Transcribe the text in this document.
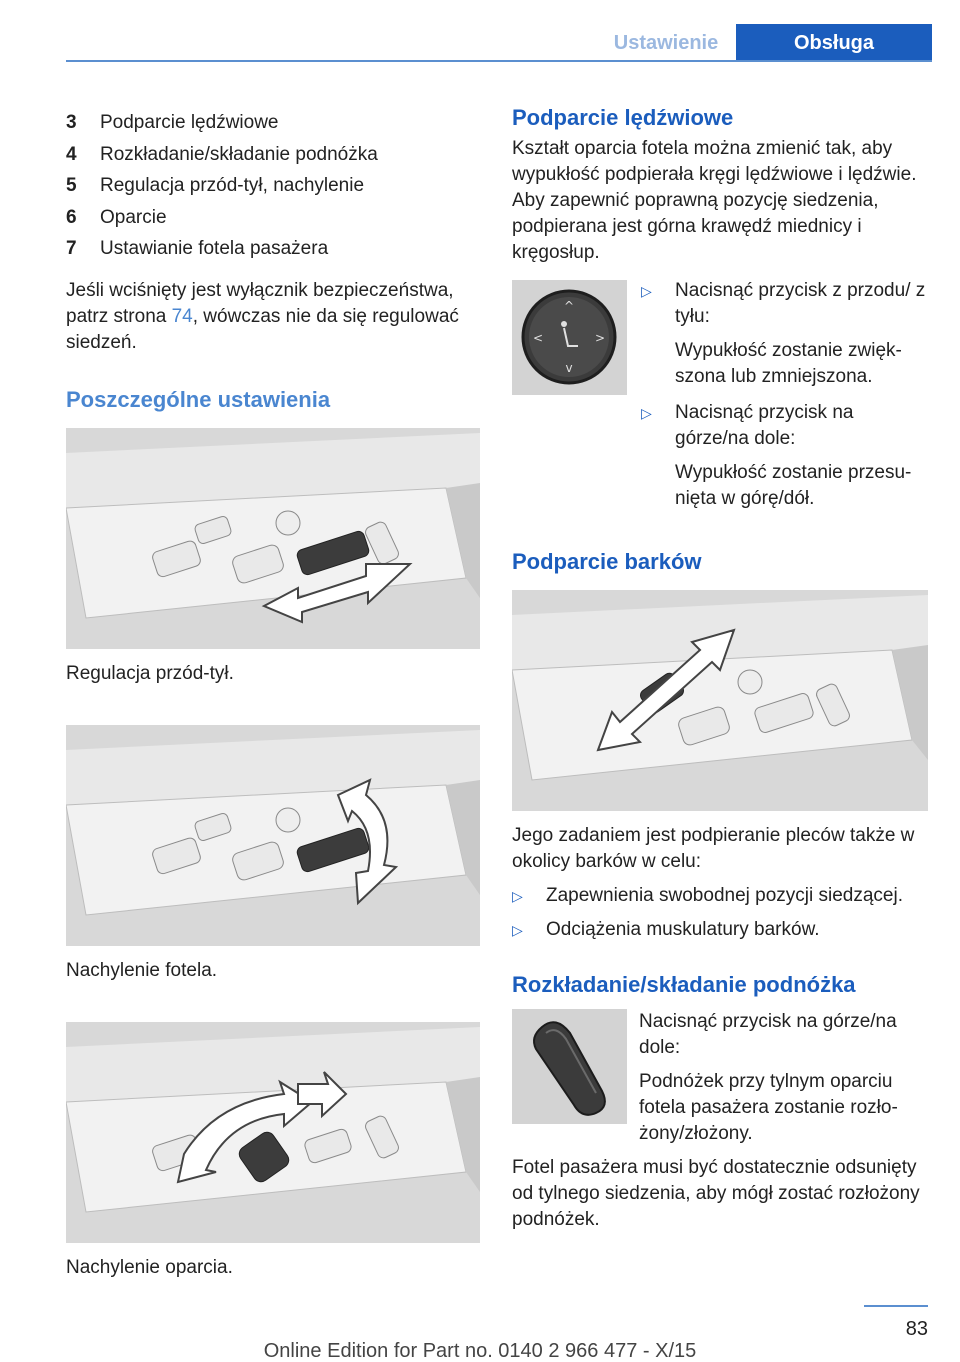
Ustawienie	Obsługa
3	Podparcie lędźwiowe
4	Rozkładanie/składanie podnóżka
5	Regulacja przód-tył, nachylenie
6	Oparcie
7	Ustawianie fotela pasażera

Jeśli wciśnięty jest wyłącznik bezpieczeństwa, patrz strona 74, wówczas nie da się regulować siedzeń.

Poszczególne ustawienia

Regulacja przód-tył.

Nachylenie fotela.

Nachylenie oparcia.

Podparcie lędźwiowe

Kształt oparcia fotela można zmienić tak, aby wypukłość podpierała kręgi lędźwiowe i lędźwie. Aby zapewnić poprawną pozycję siedzenia, podpierana jest górna krawędź miednicy i kręgosłup.

^
v
<	>
▷	Nacisnąć przycisk z przodu/ z tyłu:

Wypukłość zostanie zwiększona lub zmniejszona.

▷	Nacisnąć przycisk na górze/na dole:

Wypukłość zostanie przesunięta w górę/dół.

Podparcie barków

Jego zadaniem jest podpieranie pleców także w okolicy barków w celu:

▷	Zapewnienia swobodnej pozycji siedzącej.
▷	Odciążenia muskulatury barków.
Rozkładanie/składanie podnóżka

Nacisnąć przycisk na górze/na dole:

Podnóżek przy tylnym oparciu fotela pasażera zostanie rozłożony/złożony.

Fotel pasażera musi być dostatecznie odsunięty od tylnego siedzenia, aby mógł zostać rozłożony podnóżek.

83
Online Edition for Part no. 0140 2 966 477 - X/15
